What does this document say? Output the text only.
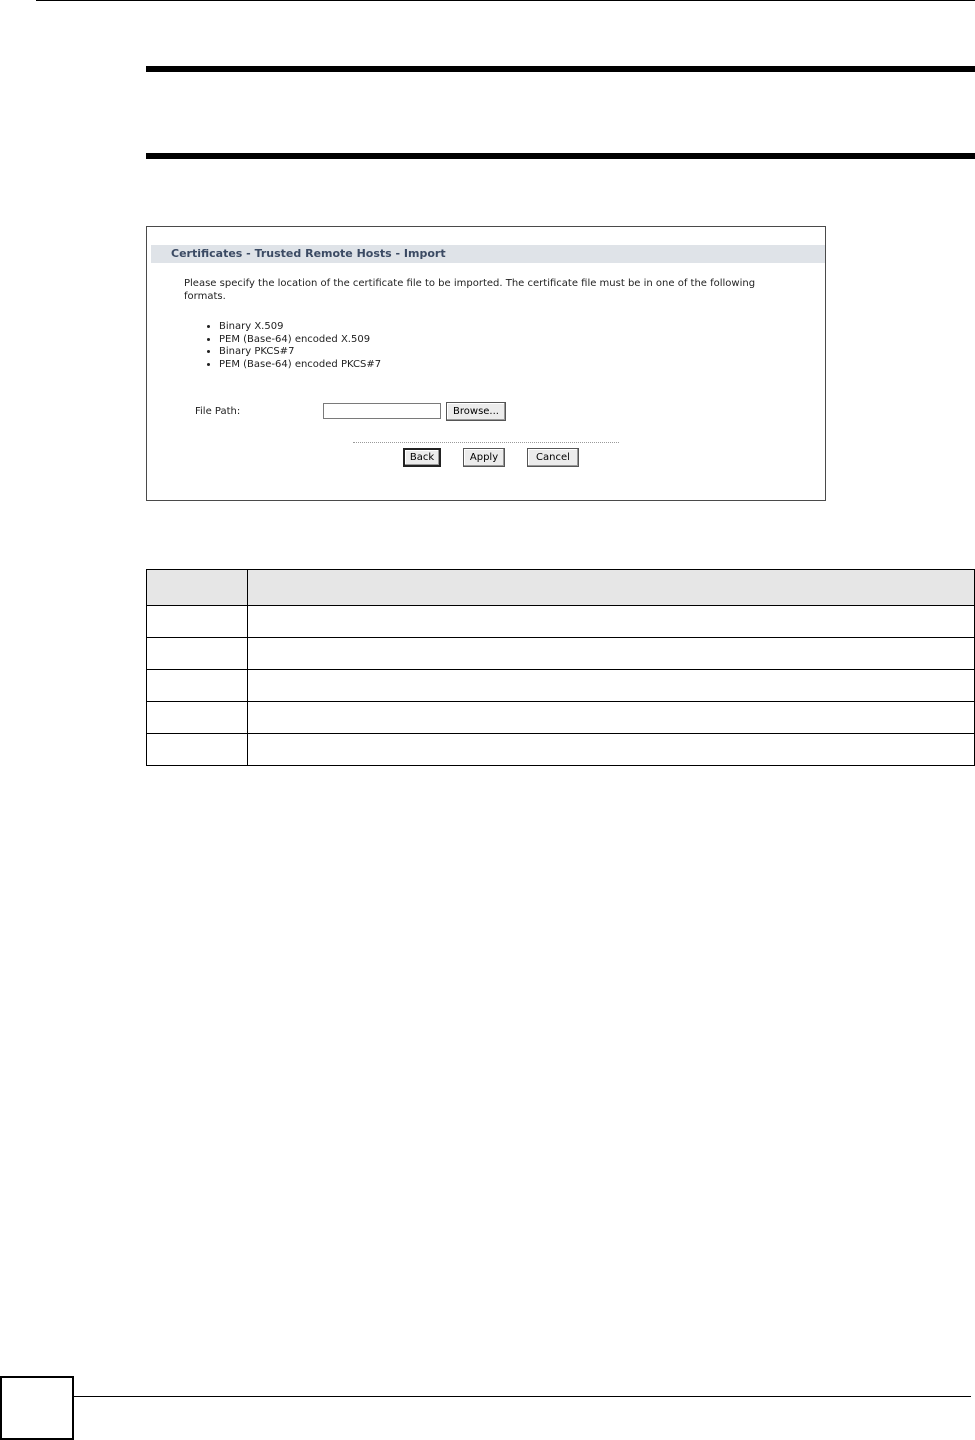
Certificates - Trusted Remote Hosts - Import
Please specify the location of the certificate file to be imported. The certificate file must be in one of the following formats.
• Binary X.509
• PEM (Base-64) encoded X.509
• Binary PKCS#7
• PEM (Base-64) encoded PKCS#7
File Path:	Browse...
Back	Apply	Cancel
